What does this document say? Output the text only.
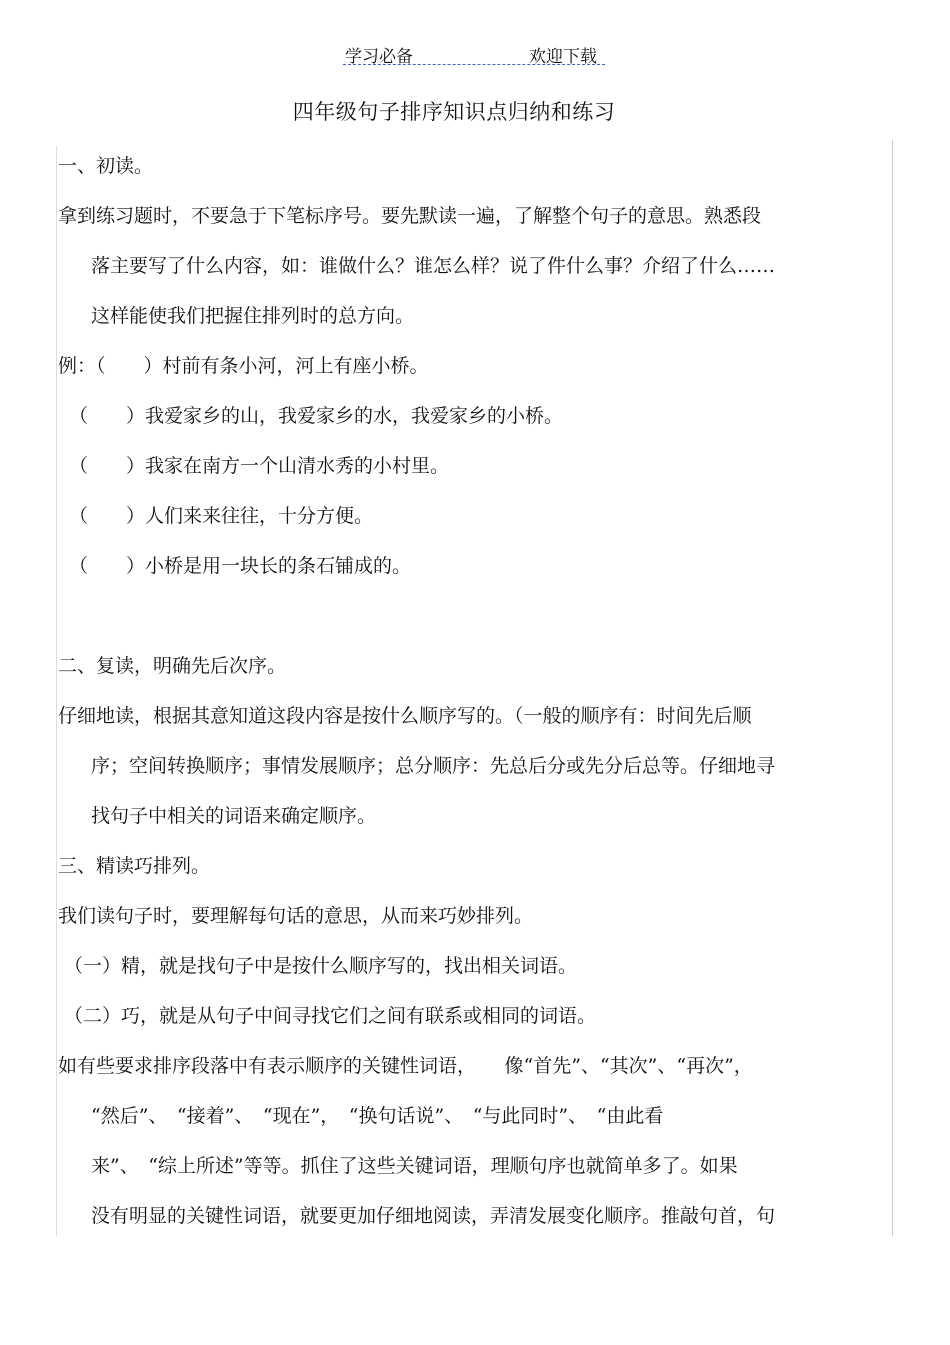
学习必备	欢迎下载
四年级句子排序知识点归纳和练习
一、初读。
拿到练习题时，不要急于下笔标序号。要先默读一遍，了解整个句子的意思。熟悉段
落主要写了什么内容，如：谁做什么？谁怎么样？说了件什么事？介绍了什么……
这样能使我们把握住排列时的总方向。
例：（　　）村前有条小河，河上有座小桥。
（　　）我爱家乡的山，我爱家乡的水，我爱家乡的小桥。
（　　）我家在南方一个山清水秀的小村里。
（　　）人们来来往往，十分方便。
（　　）小桥是用一块长的条石铺成的。
二、复读，明确先后次序。
仔细地读，根据其意知道这段内容是按什么顺序写的。（一般的顺序有：时间先后顺
序；空间转换顺序；事情发展顺序；总分顺序：先总后分或先分后总等。仔细地寻
找句子中相关的词语来确定顺序。
三、精读巧排列。
我们读句子时，要理解每句话的意思，从而来巧妙排列。
（一）精，就是找句子中是按什么顺序写的，找出相关词语。
（二）巧，就是从句子中间寻找它们之间有联系或相同的词语。
如有些要求排序段落中有表示顺序的关键性词语，　　像“首先”、“其次”、“再次”，
“然后”、　“接着”、　“现在”，　“换句话说”、　“与此同时”、　“由此看
来”、　“综上所述”等等。抓住了这些关键词语，理顺句序也就简单多了。如果
没有明显的关键性词语，就要更加仔细地阅读，弄清发展变化顺序。推敲句首，句
